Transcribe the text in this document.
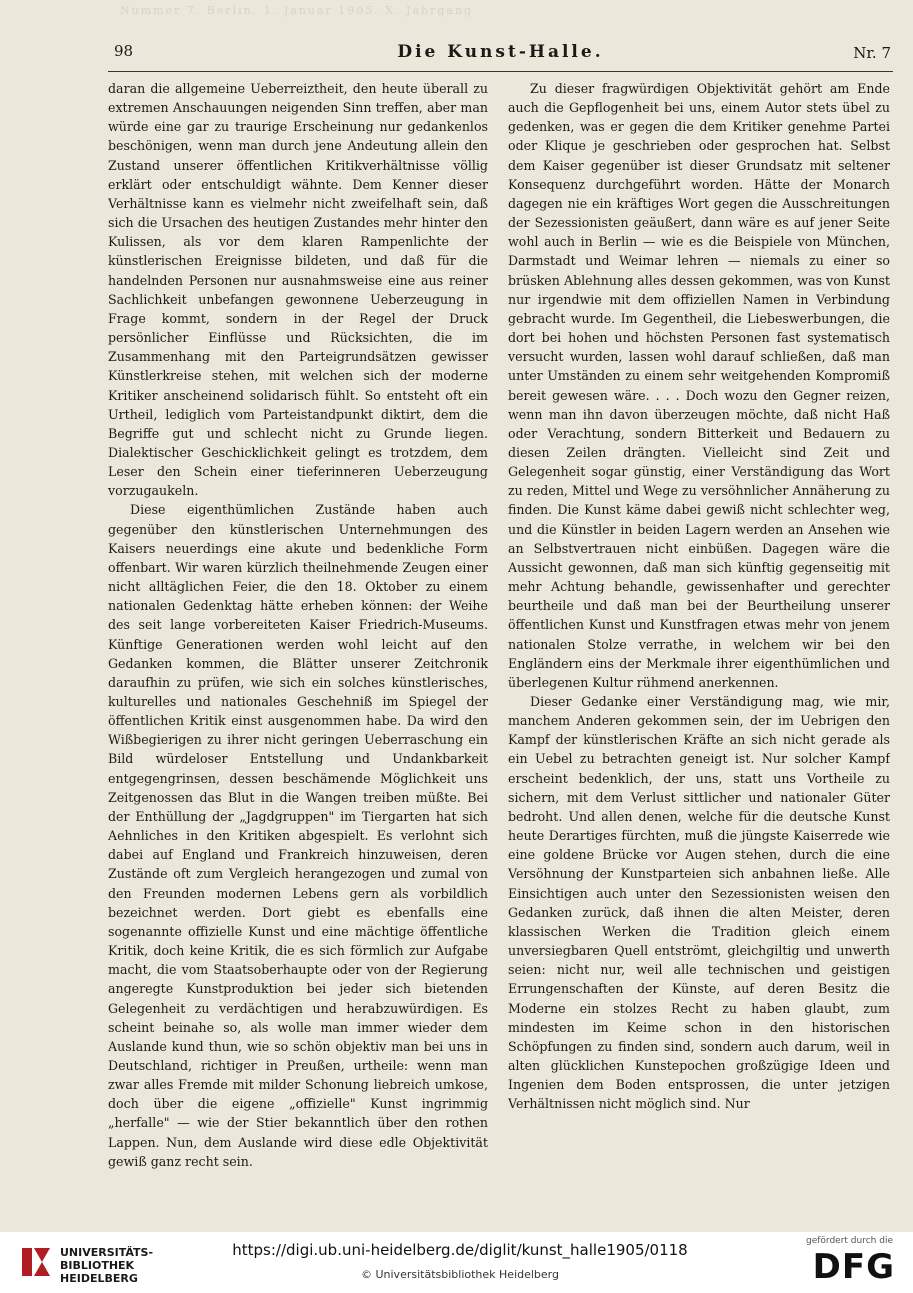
Nummer 7. Berlin, 1. Januar 1905. X. Jahrgang
98	Die Kunst-Halle.	Nr. 7

daran die allgemeine Ueberreiztheit, den heute überall zu extremen Anschauungen neigenden Sinn treffen, aber man würde eine gar zu traurige Erscheinung nur gedankenlos beschönigen, wenn man durch jene Andeutung allein den Zustand unserer öffentlichen Kritikverhältnisse völlig erklärt oder entschuldigt wähnte. Dem Kenner dieser Verhältnisse kann es vielmehr nicht zweifelhaft sein, daß sich die Ursachen des heutigen Zustandes mehr hinter den Kulissen, als vor dem klaren Rampenlichte der künstlerischen Ereignisse bildeten, und daß für die handelnden Personen nur ausnahmsweise eine aus reiner Sachlichkeit unbefangen gewonnene Ueberzeugung in Frage kommt, sondern in der Regel der Druck persönlicher Einflüsse und Rücksichten, die im Zusammenhang mit den Parteigrundsätzen gewisser Künstlerkreise stehen, mit welchen sich der moderne Kritiker anscheinend solidarisch fühlt. So entsteht oft ein Urtheil, lediglich vom Parteistandpunkt diktirt, dem die Begriffe gut und schlecht nicht zu Grunde liegen. Dialektischer Geschicklichkeit gelingt es trotzdem, dem Leser den Schein einer tieferinneren Ueberzeugung vorzugaukeln.

Diese eigenthümlichen Zustände haben auch gegenüber den künstlerischen Unternehmungen des Kaisers neuerdings eine akute und bedenkliche Form offenbart. Wir waren kürzlich theilnehmende Zeugen einer nicht alltäglichen Feier, die den 18. Oktober zu einem nationalen Gedenktag hätte erheben können: der Weihe des seit lange vorbereiteten Kaiser Friedrich-Museums. Künftige Generationen werden wohl leicht auf den Gedanken kommen, die Blätter unserer Zeitchronik daraufhin zu prüfen, wie sich ein solches künstlerisches, kulturelles und nationales Geschehniß im Spiegel der öffentlichen Kritik einst ausgenommen habe. Da wird den Wißbegierigen zu ihrer nicht geringen Ueberraschung ein Bild würdeloser Entstellung und Undankbarkeit entgegengrinsen, dessen beschämende Möglichkeit uns Zeitgenossen das Blut in die Wangen treiben müßte. Bei der Enthüllung der „Jagdgruppen" im Tiergarten hat sich Aehnliches in den Kritiken abgespielt. Es verlohnt sich dabei auf England und Frankreich hinzuweisen, deren Zustände oft zum Vergleich herangezogen und zumal von den Freunden modernen Lebens gern als vorbildlich bezeichnet werden. Dort giebt es ebenfalls eine sogenannte offizielle Kunst und eine mächtige öffentliche Kritik, doch keine Kritik, die es sich förmlich zur Aufgabe macht, die vom Staatsoberhaupte oder von der Regierung angeregte Kunstproduktion bei jeder sich bietenden Gelegenheit zu verdächtigen und herabzuwürdigen. Es scheint beinahe so, als wolle man immer wieder dem Auslande kund thun, wie so schön objektiv man bei uns in Deutschland, richtiger in Preußen, urtheile: wenn man zwar alles Fremde mit milder Schonung liebreich umkose, doch über die eigene „offizielle" Kunst ingrimmig „herfalle" — wie der Stier bekanntlich über den rothen Lappen. Nun, dem Auslande wird diese edle Objektivität gewiß ganz recht sein.

Zu dieser fragwürdigen Objektivität gehört am Ende auch die Gepflogenheit bei uns, einem Autor stets übel zu gedenken, was er gegen die dem Kritiker genehme Partei oder Klique je geschrieben oder gesprochen hat. Selbst dem Kaiser gegenüber ist dieser Grundsatz mit seltener Konsequenz durchgeführt worden. Hätte der Monarch dagegen nie ein kräftiges Wort gegen die Ausschreitungen der Sezessionisten geäußert, dann wäre es auf jener Seite wohl auch in Berlin — wie es die Beispiele von München, Darmstadt und Weimar lehren — niemals zu einer so brüsken Ablehnung alles dessen gekommen, was von Kunst nur irgendwie mit dem offiziellen Namen in Verbindung gebracht wurde. Im Gegentheil, die Liebeswerbungen, die dort bei hohen und höchsten Personen fast systematisch versucht wurden, lassen wohl darauf schließen, daß man unter Umständen zu einem sehr weitgehenden Kompromiß bereit gewesen wäre. . . . Doch wozu den Gegner reizen, wenn man ihn davon überzeugen möchte, daß nicht Haß oder Verachtung, sondern Bitterkeit und Bedauern zu diesen Zeilen drängten. Vielleicht sind Zeit und Gelegenheit sogar günstig, einer Verständigung das Wort zu reden, Mittel und Wege zu versöhnlicher Annäherung zu finden. Die Kunst käme dabei gewiß nicht schlechter weg, und die Künstler in beiden Lagern werden an Ansehen wie an Selbstvertrauen nicht einbüßen. Dagegen wäre die Aussicht gewonnen, daß man sich künftig gegenseitig mit mehr Achtung behandle, gewissenhafter und gerechter beurtheile und daß man bei der Beurtheilung unserer öffentlichen Kunst und Kunstfragen etwas mehr von jenem nationalen Stolze verrathe, in welchem wir bei den Engländern eins der Merkmale ihrer eigenthümlichen und überlegenen Kultur rühmend anerkennen.

Dieser Gedanke einer Verständigung mag, wie mir, manchem Anderen gekommen sein, der im Uebrigen den Kampf der künstlerischen Kräfte an sich nicht gerade als ein Uebel zu betrachten geneigt ist. Nur solcher Kampf erscheint bedenklich, der uns, statt uns Vortheile zu sichern, mit dem Verlust sittlicher und nationaler Güter bedroht. Und allen denen, welche für die deutsche Kunst heute Derartiges fürchten, muß die jüngste Kaiserrede wie eine goldene Brücke vor Augen stehen, durch die eine Versöhnung der Kunstparteien sich anbahnen ließe. Alle Einsichtigen auch unter den Sezessionisten weisen den Gedanken zurück, daß ihnen die alten Meister, deren klassischen Werken die Tradition gleich einem unversiegbaren Quell entströmt, gleichgiltig und unwerth seien: nicht nur, weil alle technischen und geistigen Errungenschaften der Künste, auf deren Besitz die Moderne ein stolzes Recht zu haben glaubt, zum mindesten im Keime schon in den historischen Schöpfungen zu finden sind, sondern auch darum, weil in alten glücklichen Kunstepochen großzügige Ideen und Ingenien dem Boden entsprossen, die unter jetzigen Verhältnissen nicht möglich sind. Nur

UNIVERSITÄTS-
BIBLIOTHEK
HEIDELBERG
https://digi.ub.uni-heidelberg.de/diglit/kunst_halle1905/0118
© Universitätsbibliothek Heidelberg
gefördert durch die
DFG
